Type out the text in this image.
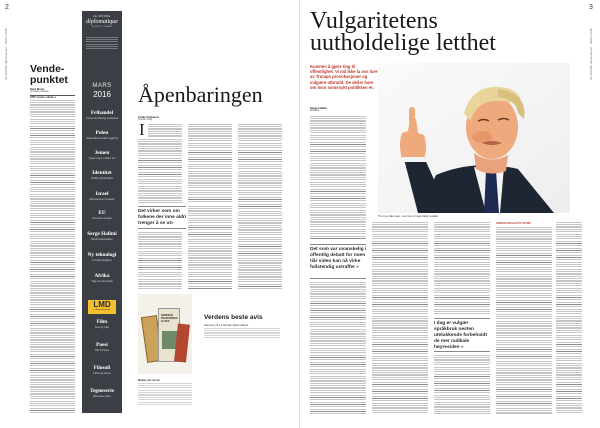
2
LE MONDE diplomatique · MARS 2016 Vende-
punktet
Kare Ronn
Ansvarlig redaktør
SIST høsten vibeke-s
LE MONDE
diplomatique
NORSK UTGAVE
MARS
2016
Frihandel
Trosser de folkelige protestene
Polen
Nasjonalkonservativ regjering
Jemen
Krigen ingen snakker om
Identitet
Politikk og tilhørighet
Israel
Okkupasjonen fortsetter
EU
Grensene stenges
Serge Halimi
Samfunnskontrakten
Ny teknologi
Kunstig intelligens
Afrika
Valg uten demokrati
LMD
Le Monde diplomatique
Film
Kino og makt
Poesi
Dikt fra Syria
Filosofi
Frihet og ansvar
Tegneserie
Månedens stripe
Åpenbaringen
Frode Tomasen
Nordisk forlag
I
Det virker som om folkene der inne aldri trenger å se ut»
NORDENS ØKONOMISKE ELITER
Verdens beste avis
Abonner på Le Monde diplomatique
Bøker på norsk
3
LE MONDE diplomatique · MARS 2016
Vulgaritetens
uutholdelige letthet
Kunsten å gjøre ting til offentlighet. Vi må ikke la oss lure av Trumps provokasjoner og vulgære utbrudd. De deiler bare om hvor sinnssykt politikken er.
Serge Halimi
Redaktør
Trump er ikke noen, men han er ingen farlig outsider.
Det som var uvanskelig i offentlig debatt for noen tiår siden kan nå virke fullstendig ustraffet »
I dag er vulgær språkbruk nesten utelukkende forbeholdt de mer radikale høyresiden »
INNENFORSKAPSTRUMP
